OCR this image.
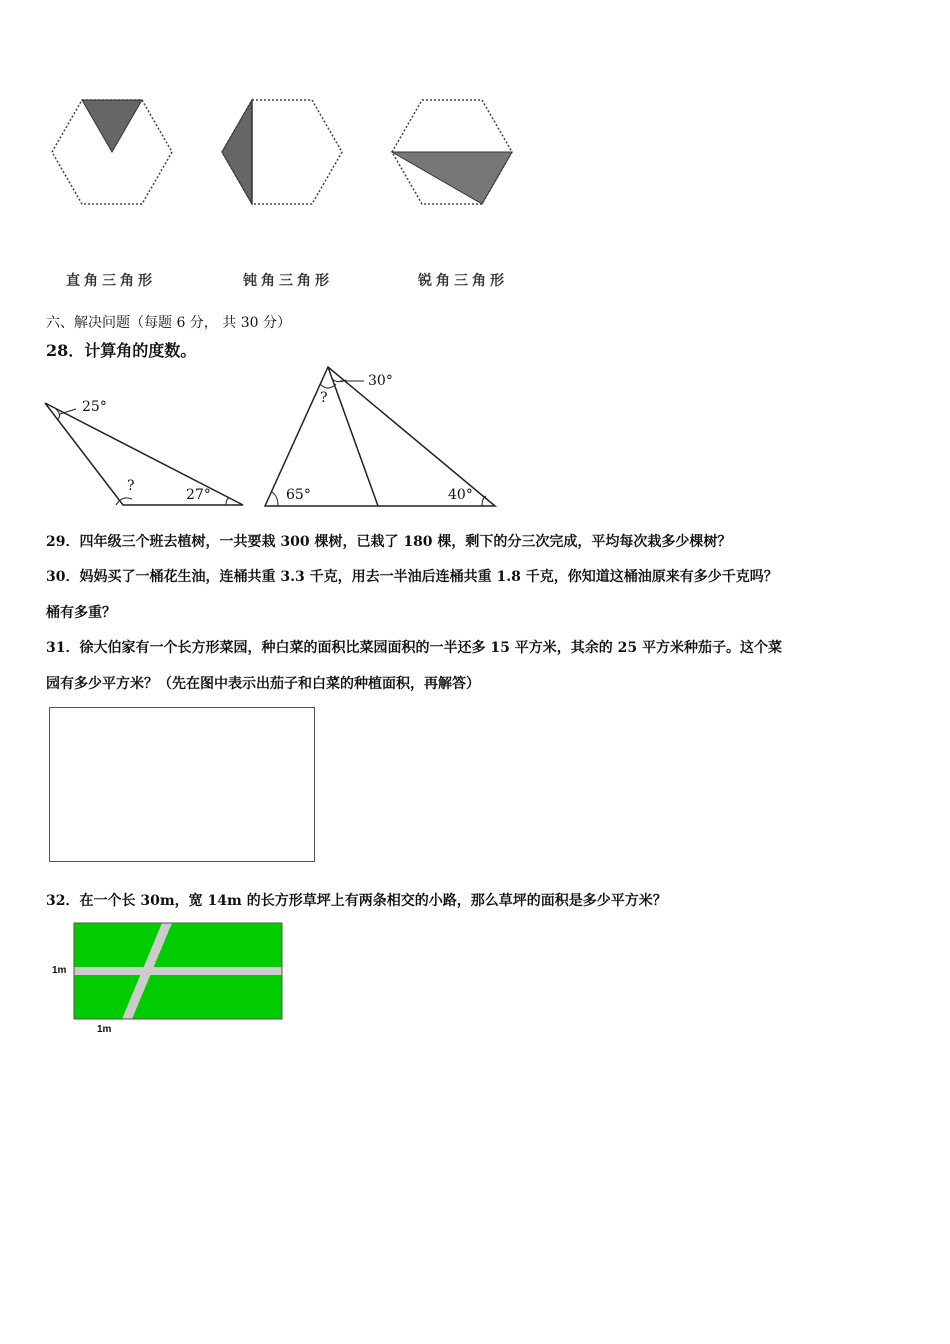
直角三角形	钝角三角形	锐角三角形
六、解决问题（每题 6 分， 共 30 分）
28．计算角的度数。
25°
?
27°
30°
?
65°	40°
29．四年级三个班去植树，一共要栽 300 棵树，已栽了 180 棵，剩下的分三次完成，平均每次栽多少棵树？
30．妈妈买了一桶花生油，连桶共重 3.3 千克，用去一半油后连桶共重 1.8 千克，你知道这桶油原来有多少千克吗？
桶有多重？
31．徐大伯家有一个长方形菜园，种白菜的面积比菜园面积的一半还多 15 平方米，其余的 25 平方米种茄子。这个菜
园有多少平方米？（先在图中表示出茄子和白菜的种植面积，再解答）
32．在一个长 30m，宽 14m 的长方形草坪上有两条相交的小路，那么草坪的面积是多少平方米？
1m
1m
